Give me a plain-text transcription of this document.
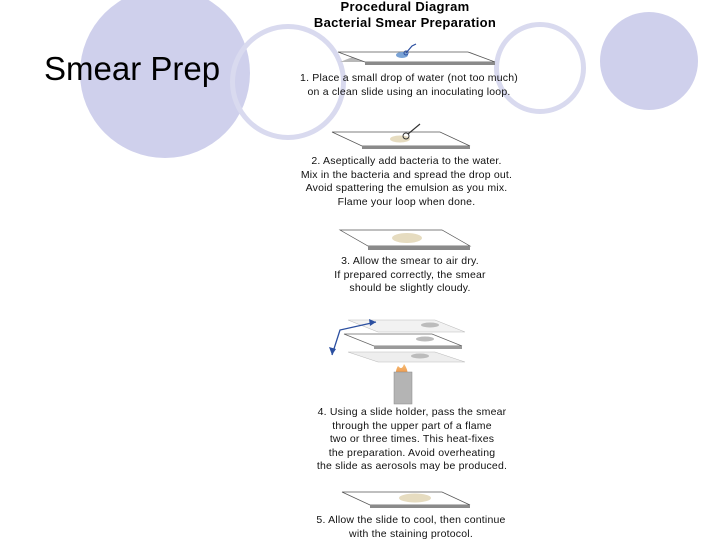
Smear Prep
Procedural Diagram
Bacterial Smear Preparation
1. Place a small drop of water (not too much)
on a clean slide using an inoculating loop.
2. Aseptically add bacteria to the water.
Mix in the bacteria and spread the drop out.
Avoid spattering the emulsion as you mix.
Flame your loop when done.
3. Allow the smear to air dry.
If prepared correctly, the smear
should be slightly cloudy.
4. Using a slide holder, pass the smear
through the upper part of a flame
two or three times. This heat-fixes
the preparation. Avoid overheating
the slide as aerosols may be produced.
5. Allow the slide to cool, then continue
with the staining protocol.
